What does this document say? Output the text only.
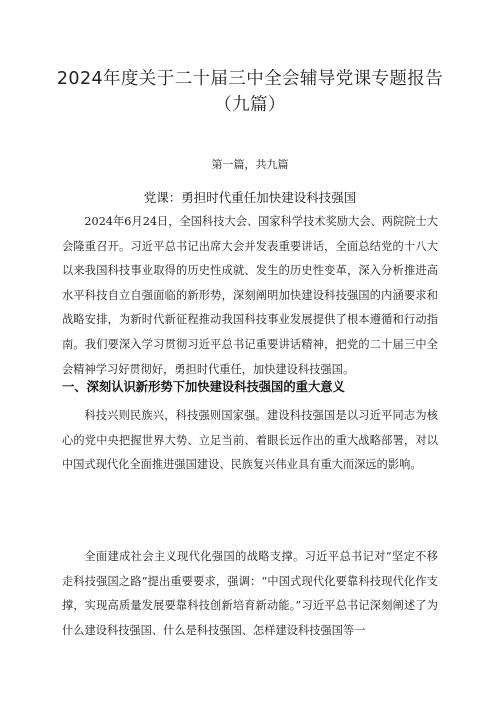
2024年度关于二十届三中全会辅导党课专题报告
（九篇）
第一篇，共九篇
党课：勇担时代重任加快建设科技强国

2024年6月24日，全国科技大会、国家科学技术奖励大会、两院院士大会隆重召开。习近平总书记出席大会并发表重要讲话，全面总结党的十八大以来我国科技事业取得的历史性成就、发生的历史性变革，深入分析推进高水平科技自立自强面临的新形势，深刻阐明加快建设科技强国的内涵要求和战略安排，为新时代新征程推动我国科技事业发展提供了根本遵循和行动指南。我们要深入学习贯彻习近平总书记重要讲话精神，把党的二十届三中全会精神学习好贯彻好，勇担时代重任，加快建设科技强国。

一、深刻认识新形势下加快建设科技强国的重大意义

科技兴则民族兴，科技强则国家强。建设科技强国是以习近平同志为核心的党中央把握世界大势、立足当前、着眼长远作出的重大战略部署，对以中国式现代化全面推进强国建设、民族复兴伟业具有重大而深远的影响。

全面建成社会主义现代化强国的战略支撑。习近平总书记对“坚定不移走科技强国之路”提出重要要求，强调：“中国式现代化要靠科技现代化作支撑，实现高质量发展要靠科技创新培育新动能。”习近平总书记深刻阐述了为什么建设科技强国、什么是科技强国、怎样建设科技强国等一
